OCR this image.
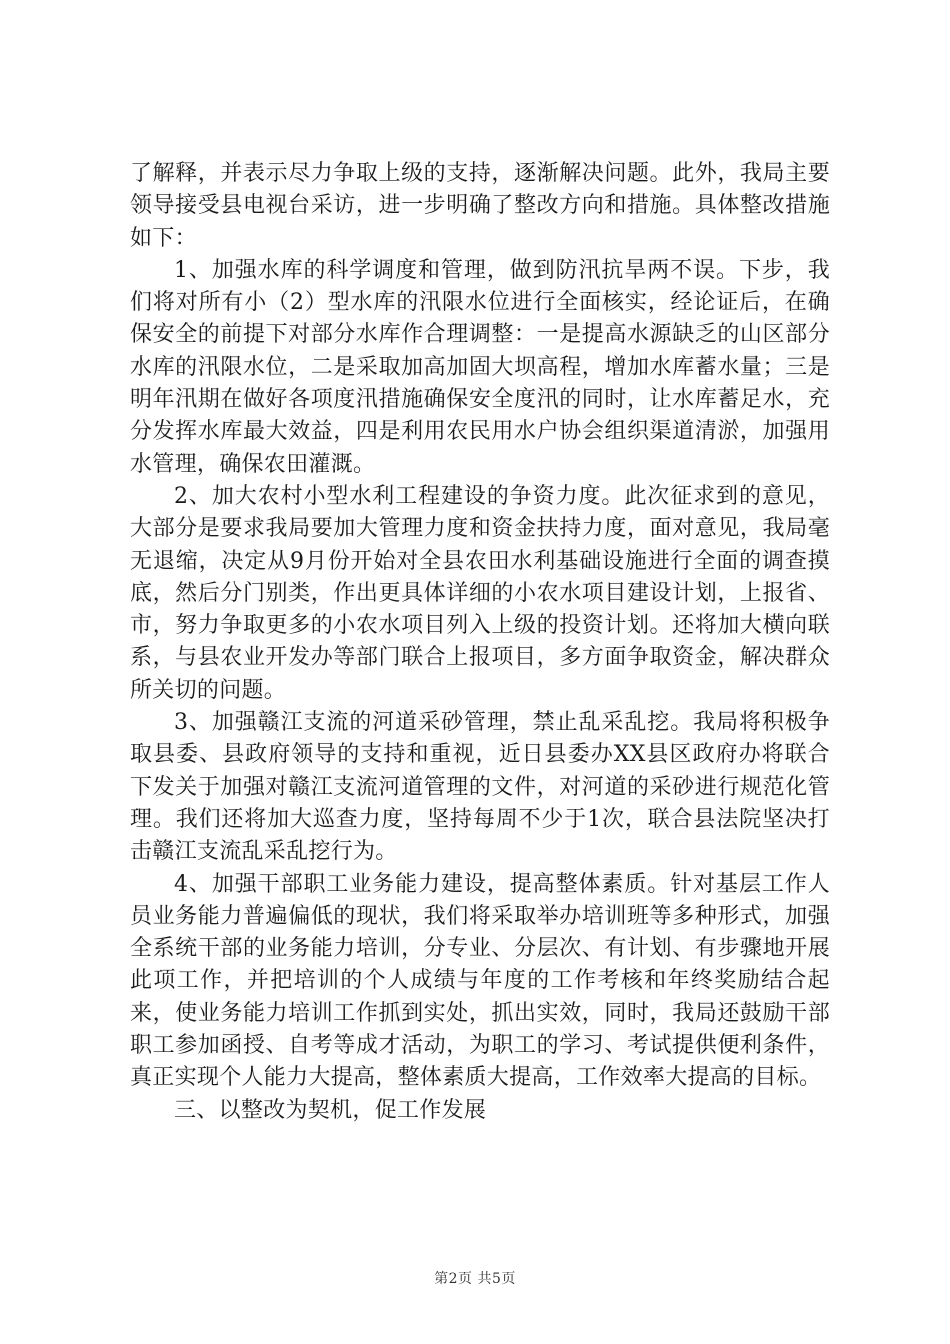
了解释，并表示尽力争取上级的支持，逐渐解决问题。此外，我局主要领导接受县电视台采访，进一步明确了整改方向和措施。具体整改措施如下：

1、加强水库的科学调度和管理，做到防汛抗旱两不误。下步，我们将对所有小（2）型水库的汛限水位进行全面核实，经论证后，在确保安全的前提下对部分水库作合理调整：一是提高水源缺乏的山区部分水库的汛限水位，二是采取加高加固大坝高程，增加水库蓄水量；三是明年汛期在做好各项度汛措施确保安全度汛的同时，让水库蓄足水，充分发挥水库最大效益，四是利用农民用水户协会组织渠道清淤，加强用水管理，确保农田灌溉。

2、加大农村小型水利工程建设的争资力度。此次征求到的意见，大部分是要求我局要加大管理力度和资金扶持力度，面对意见，我局毫无退缩，决定从9月份开始对全县农田水利基础设施进行全面的调查摸底，然后分门别类，作出更具体详细的小农水项目建设计划，上报省、市，努力争取更多的小农水项目列入上级的投资计划。还将加大横向联系，与县农业开发办等部门联合上报项目，多方面争取资金，解决群众所关切的问题。

3、加强赣江支流的河道采砂管理，禁止乱采乱挖。我局将积极争取县委、县政府领导的支持和重视，近日县委办XX县区政府办将联合下发关于加强对赣江支流河道管理的文件，对河道的采砂进行规范化管理。我们还将加大巡查力度，坚持每周不少于1次，联合县法院坚决打击赣江支流乱采乱挖行为。

4、加强干部职工业务能力建设，提高整体素质。针对基层工作人员业务能力普遍偏低的现状，我们将采取举办培训班等多种形式，加强全系统干部的业务能力培训，分专业、分层次、有计划、有步骤地开展此项工作，并把培训的个人成绩与年度的工作考核和年终奖励结合起来，使业务能力培训工作抓到实处，抓出实效，同时，我局还鼓励干部职工参加函授、自考等成才活动，为职工的学习、考试提供便利条件，真正实现个人能力大提高，整体素质大提高，工作效率大提高的目标。

三、以整改为契机，促工作发展

第2页 共5页
